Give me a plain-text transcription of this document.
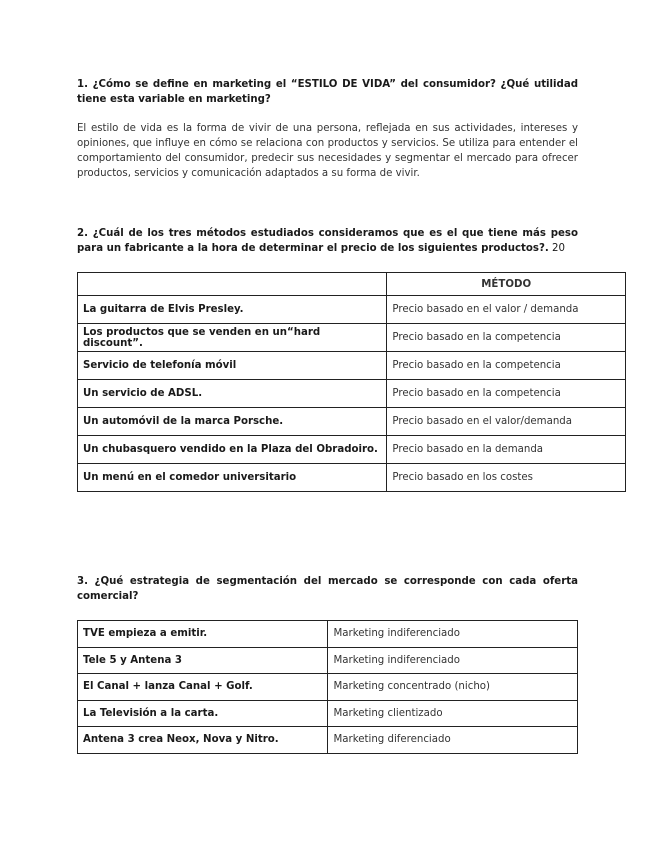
1. ¿Cómo se define en marketing el “ESTILO DE VIDA” del consumidor? ¿Qué utilidad tiene esta variable en marketing?

El estilo de vida es la forma de vivir de una persona, reflejada en sus actividades, intereses y opiniones, que influye en cómo se relaciona con productos y servicios. Se utiliza para entender el comportamiento del consumidor, predecir sus necesidades y segmentar el mercado para ofrecer productos, servicios y comunicación adaptados a su forma de vivir.

2. ¿Cuál de los tres métodos estudiados consideramos que es el que tiene más peso para un fabricante a la hora de determinar el precio de los siguientes productos?. 20

	MÉTODO
La guitarra de Elvis Presley.	Precio basado en el valor / demanda
Los productos que se venden en un“hard discount”.	Precio basado en la competencia
Servicio de telefonía móvil	Precio basado en la competencia
Un servicio de ADSL.	Precio basado en la competencia
Un automóvil de la marca Porsche.	Precio basado en el valor/demanda
Un chubasquero vendido en la Plaza del Obradoiro.	Precio basado en la demanda
Un menú en el comedor universitario	Precio basado en los costes

3. ¿Qué estrategia de segmentación del mercado se corresponde con cada oferta comercial?

TVE empieza a emitir.	Marketing indiferenciado
Tele 5 y Antena 3	Marketing indiferenciado
El Canal + lanza Canal + Golf.	Marketing concentrado (nicho)
La Televisión a la carta.	Marketing clientizado
Antena 3 crea Neox, Nova y Nitro.	Marketing diferenciado
